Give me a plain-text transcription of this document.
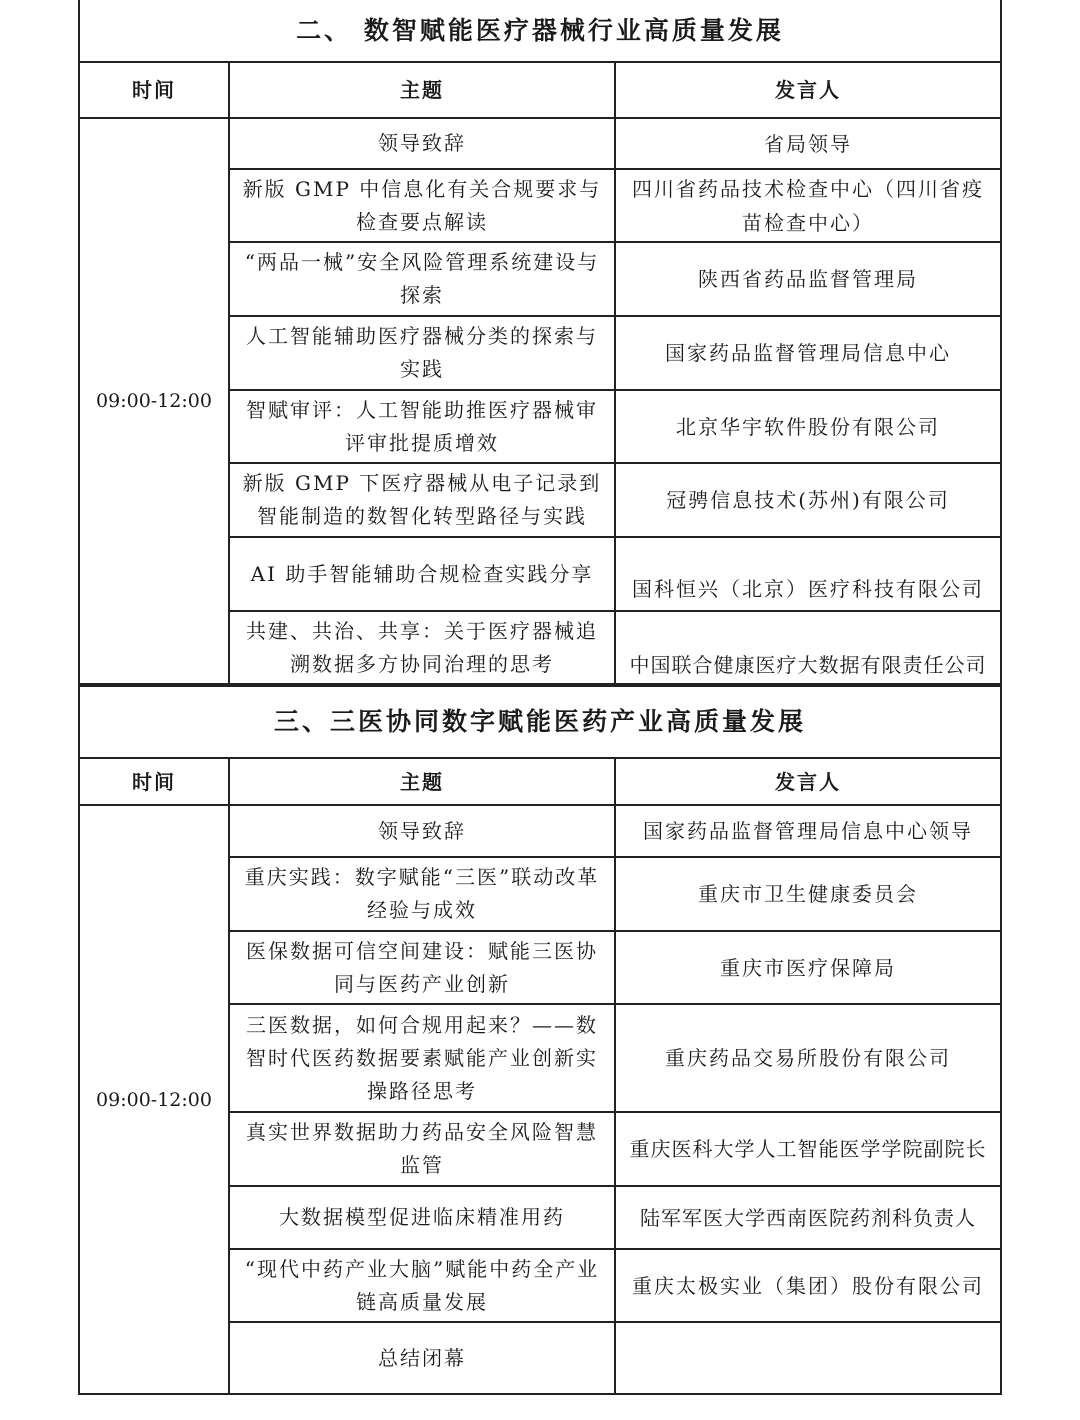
二、 数智赋能医疗器械行业高质量发展		
时间	主题	发言人
09:00-12:00	领导致辞	省局领导
	新版 GMP 中信息化有关合规要求与检查要点解读	四川省药品技术检查中心（四川省疫苗检查中心）
	“两品一械”安全风险管理系统建设与探索	陕西省药品监督管理局
	人工智能辅助医疗器械分类的探索与实践	国家药品监督管理局信息中心
	智赋审评：人工智能助推医疗器械审评审批提质增效	北京华宇软件股份有限公司
	新版 GMP 下医疗器械从电子记录到智能制造的数智化转型路径与实践	冠骋信息技术(苏州)有限公司
	AI 助手智能辅助合规检查实践分享	国科恒兴（北京）医疗科技有限公司

	共建、共治、共享：关于医疗器械追溯数据多方协同治理的思考	中国联合健康医疗大数据有限责任公司
三、三医协同数字赋能医药产业高质量发展		
时间	主题	发言人
09:00-12:00	领导致辞	国家药品监督管理局信息中心领导
	重庆实践：数字赋能“三医”联动改革经验与成效	重庆市卫生健康委员会
	医保数据可信空间建设：赋能三医协同与医药产业创新	重庆市医疗保障局
	三医数据，如何合规用起来？——数智时代医药数据要素赋能产业创新实操路径思考	重庆药品交易所股份有限公司
	真实世界数据助力药品安全风险智慧监管	重庆医科大学人工智能医学学院副院长
	大数据模型促进临床精准用药	陆军军医大学西南医院药剂科负责人
	“现代中药产业大脑”赋能中药全产业链高质量发展	重庆太极实业（集团）股份有限公司
	总结闭幕	
